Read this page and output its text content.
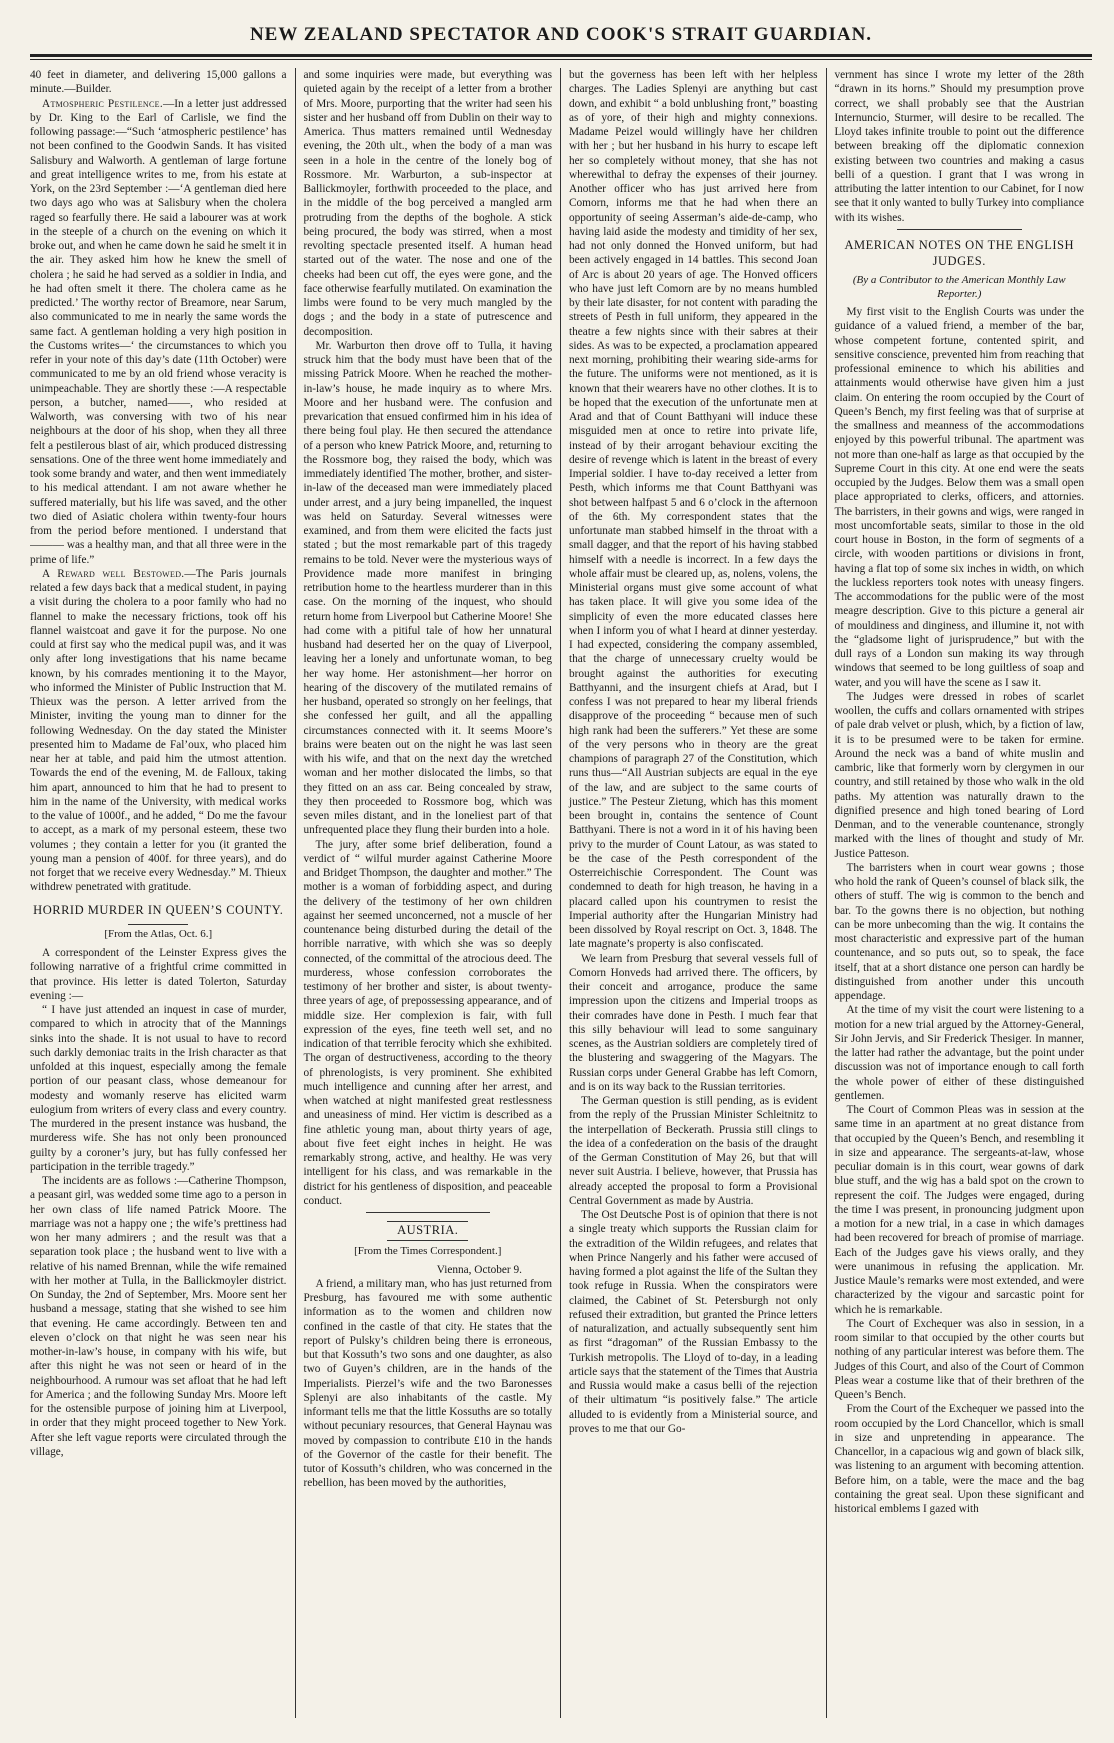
NEW ZEALAND SPECTATOR AND COOK'S STRAIT GUARDIAN.

40 feet in diameter, and delivering 15,000 gallons a minute.—Builder.

Atmospheric Pestilence.—In a letter just addressed by Dr. King to the Earl of Carlisle, we find the following passage:—“Such ‘atmospheric pestilence’ has not been confined to the Goodwin Sands. It has visited Salisbury and Walworth. A gentleman of large fortune and great intelligence writes to me, from his estate at York, on the 23rd September :—‘A gentleman died here two days ago who was at Salisbury when the cholera raged so fearfully there. He said a labourer was at work in the steeple of a church on the evening on which it broke out, and when he came down he said he smelt it in the air. They asked him how he knew the smell of cholera ; he said he had served as a soldier in India, and he had often smelt it there. The cholera came as he predicted.’ The worthy rector of Breamore, near Sarum, also communicated to me in nearly the same words the same fact. A gentleman holding a very high position in the Customs writes—‘ the circumstances to which you refer in your note of this day’s date (11th October) were communicated to me by an old friend whose veracity is unimpeachable. They are shortly these :—A respectable person, a butcher, named——, who resided at Walworth, was conversing with two of his near neighbours at the door of his shop, when they all three felt a pestilerous blast of air, which produced distressing sensations. One of the three went home immediately and took some brandy and water, and then went immediately to his medical attendant. I am not aware whether he suffered materially, but his life was saved, and the other two died of Asiatic cholera within twenty-four hours from the period before mentioned. I understand that ——— was a healthy man, and that all three were in the prime of life.”

A Reward well Bestowed.—The Paris journals related a few days back that a medical student, in paying a visit during the cholera to a poor family who had no flannel to make the necessary frictions, took off his flannel waistcoat and gave it for the purpose. No one could at first say who the medical pupil was, and it was only after long investigations that his name became known, by his comrades mentioning it to the Mayor, who informed the Minister of Public Instruction that M. Thieux was the person. A letter arrived from the Minister, inviting the young man to dinner for the following Wednesday. On the day stated the Minister presented him to Madame de Fal’oux, who placed him near her at table, and paid him the utmost attention. Towards the end of the evening, M. de Falloux, taking him apart, announced to him that he had to present to him in the name of the University, with medical works to the value of 1000f., and he added, “ Do me the favour to accept, as a mark of my personal esteem, these two volumes ; they contain a letter for you (it granted the young man a pension of 400f. for three years), and do not forget that we receive every Wednesday.” M. Thieux withdrew penetrated with gratitude.

HORRID MURDER IN QUEEN’S COUNTY.

[From the Atlas, Oct. 6.]

A correspondent of the Leinster Express gives the following narrative of a frightful crime committed in that province. His letter is dated Tolerton, Saturday evening :—

“ I have just attended an inquest in case of murder, compared to which in atrocity that of the Mannings sinks into the shade. It is not usual to have to record such darkly demoniac traits in the Irish character as that unfolded at this inquest, especially among the female portion of our peasant class, whose demeanour for modesty and womanly reserve has elicited warm eulogium from writers of every class and every country. The murdered in the present instance was husband, the murderess wife. She has not only been pronounced guilty by a coroner’s jury, but has fully confessed her participation in the terrible tragedy.”

The incidents are as follows :—Catherine Thompson, a peasant girl, was wedded some time ago to a person in her own class of life named Patrick Moore. The marriage was not a happy one ; the wife’s prettiness had won her many admirers ; and the result was that a separation took place ; the husband went to live with a relative of his named Brennan, while the wife remained with her mother at Tulla, in the Ballickmoyler district. On Sunday, the 2nd of September, Mrs. Moore sent her husband a message, stating that she wished to see him that evening. He came accordingly. Between ten and eleven o’clock on that night he was seen near his mother-in-law’s house, in company with his wife, but after this night he was not seen or heard of in the neighbourhood. A rumour was set afloat that he had left for America ; and the following Sunday Mrs. Moore left for the ostensible purpose of joining him at Liverpool, in order that they might proceed together to New York. After she left vague reports were circulated through the village,

and some inquiries were made, but everything was quieted again by the receipt of a letter from a brother of Mrs. Moore, purporting that the writer had seen his sister and her husband off from Dublin on their way to America. Thus matters remained until Wednesday evening, the 20th ult., when the body of a man was seen in a hole in the centre of the lonely bog of Rossmore. Mr. Warburton, a sub-inspector at Ballickmoyler, forthwith proceeded to the place, and in the middle of the bog perceived a mangled arm protruding from the depths of the boghole. A stick being procured, the body was stirred, when a most revolting spectacle presented itself. A human head started out of the water. The nose and one of the cheeks had been cut off, the eyes were gone, and the face otherwise fearfully mutilated. On examination the limbs were found to be very much mangled by the dogs ; and the body in a state of putrescence and decomposition.

Mr. Warburton then drove off to Tulla, it having struck him that the body must have been that of the missing Patrick Moore. When he reached the mother-in-law’s house, he made inquiry as to where Mrs. Moore and her husband were. The confusion and prevarication that ensued confirmed him in his idea of there being foul play. He then secured the attendance of a person who knew Patrick Moore, and, returning to the Rossmore bog, they raised the body, which was immediately identified The mother, brother, and sister-in-law of the deceased man were immediately placed under arrest, and a jury being impanelled, the inquest was held on Saturday. Several witnesses were examined, and from them were elicited the facts just stated ; but the most remarkable part of this tragedy remains to be told. Never were the mysterious ways of Providence made more manifest in bringing retribution home to the heartless murderer than in this case. On the morning of the inquest, who should return home from Liverpool but Catherine Moore! She had come with a pitiful tale of how her unnatural husband had deserted her on the quay of Liverpool, leaving her a lonely and unfortunate woman, to beg her way home. Her astonishment—her horror on hearing of the discovery of the mutilated remains of her husband, operated so strongly on her feelings, that she confessed her guilt, and all the appalling circumstances connected with it. It seems Moore’s brains were beaten out on the night he was last seen with his wife, and that on the next day the wretched woman and her mother dislocated the limbs, so that they fitted on an ass car. Being concealed by straw, they then proceeded to Rossmore bog, which was seven miles distant, and in the loneliest part of that unfrequented place they flung their burden into a hole.

The jury, after some brief deliberation, found a verdict of “ wilful murder against Catherine Moore and Bridget Thompson, the daughter and mother.” The mother is a woman of forbidding aspect, and during the delivery of the testimony of her own children against her seemed unconcerned, not a muscle of her countenance being disturbed during the detail of the horrible narrative, with which she was so deeply connected, of the committal of the atrocious deed. The murderess, whose confession corroborates the testimony of her brother and sister, is about twenty-three years of age, of prepossessing appearance, and of middle size. Her complexion is fair, with full expression of the eyes, fine teeth well set, and no indication of that terrible ferocity which she exhibited. The organ of destructiveness, according to the theory of phrenologists, is very prominent. She exhibited much intelligence and cunning after her arrest, and when watched at night manifested great restlessness and uneasiness of mind. Her victim is described as a fine athletic young man, about thirty years of age, about five feet eight inches in height. He was remarkably strong, active, and healthy. He was very intelligent for his class, and was remarkable in the district for his gentleness of disposition, and peaceable conduct.

AUSTRIA.

[From the Times Correspondent.]

Vienna, October 9.

A friend, a military man, who has just returned from Presburg, has favoured me with some authentic information as to the women and children now confined in the castle of that city. He states that the report of Pulsky’s children being there is erroneous, but that Kossuth’s two sons and one daughter, as also two of Guyen’s children, are in the hands of the Imperialists. Pierzel’s wife and the two Baronesses Splenyi are also inhabitants of the castle. My informant tells me that the little Kossuths are so totally without pecuniary resources, that General Haynau was moved by compassion to contribute £10 in the hands of the Governor of the castle for their benefit. The tutor of Kossuth’s children, who was concerned in the rebellion, has been moved by the authorities,

but the governess has been left with her helpless charges. The Ladies Splenyi are anything but cast down, and exhibit “ a bold unblushing front,” boasting as of yore, of their high and mighty connexions. Madame Peizel would willingly have her children with her ; but her husband in his hurry to escape left her so completely without money, that she has not wherewithal to defray the expenses of their journey. Another officer who has just arrived here from Comorn, informs me that he had when there an opportunity of seeing Asserman’s aide-de-camp, who having laid aside the modesty and timidity of her sex, had not only donned the Honved uniform, but had been actively engaged in 14 battles. This second Joan of Arc is about 20 years of age. The Honved officers who have just left Comorn are by no means humbled by their late disaster, for not content with parading the streets of Pesth in full uniform, they appeared in the theatre a few nights since with their sabres at their sides. As was to be expected, a proclamation appeared next morning, prohibiting their wearing side-arms for the future. The uniforms were not mentioned, as it is known that their wearers have no other clothes. It is to be hoped that the execution of the unfortunate men at Arad and that of Count Batthyani will induce these misguided men at once to retire into private life, instead of by their arrogant behaviour exciting the desire of revenge which is latent in the breast of every Imperial soldier. I have to-day received a letter from Pesth, which informs me that Count Batthyani was shot between halfpast 5 and 6 o’clock in the afternoon of the 6th. My correspondent states that the unfortunate man stabbed himself in the throat with a small dagger, and that the report of his having stabbed himself with a needle is incorrect. In a few days the whole affair must be cleared up, as, nolens, volens, the Ministerial organs must give some account of what has taken place. It will give you some idea of the simplicity of even the more educated classes here when I inform you of what I heard at dinner yesterday. I had expected, considering the company assembled, that the charge of unnecessary cruelty would be brought against the authorities for executing Batthyanni, and the insurgent chiefs at Arad, but I confess I was not prepared to hear my liberal friends disapprove of the proceeding “ because men of such high rank had been the sufferers.” Yet these are some of the very persons who in theory are the great champions of paragraph 27 of the Constitution, which runs thus—“All Austrian subjects are equal in the eye of the law, and are subject to the same courts of justice.” The Pesteur Zietung, which has this moment been brought in, contains the sentence of Count Batthyani. There is not a word in it of his having been privy to the murder of Count Latour, as was stated to be the case of the Pesth correspondent of the Osterreichischie Correspondent. The Count was condemned to death for high treason, he having in a placard called upon his countrymen to resist the Imperial authority after the Hungarian Ministry had been dissolved by Royal rescript on Oct. 3, 1848. The late magnate’s property is also confiscated.

We learn from Presburg that several vessels full of Comorn Honveds had arrived there. The officers, by their conceit and arrogance, produce the same impression upon the citizens and Imperial troops as their comrades have done in Pesth. I much fear that this silly behaviour will lead to some sanguinary scenes, as the Austrian soldiers are completely tired of the blustering and swaggering of the Magyars. The Russian corps under General Grabbe has left Comorn, and is on its way back to the Russian territories.

The German question is still pending, as is evident from the reply of the Prussian Minister Schleitnitz to the interpellation of Beckerath. Prussia still clings to the idea of a confederation on the basis of the draught of the German Constitution of May 26, but that will never suit Austria. I believe, however, that Prussia has already accepted the proposal to form a Provisional Central Government as made by Austria.

The Ost Deutsche Post is of opinion that there is not a single treaty which supports the Russian claim for the extradition of the Wildin refugees, and relates that when Prince Nangerly and his father were accused of having formed a plot against the life of the Sultan they took refuge in Russia. When the conspirators were claimed, the Cabinet of St. Petersburgh not only refused their extradition, but granted the Prince letters of naturalization, and actually subsequently sent him as first “dragoman” of the Russian Embassy to the Turkish metropolis. The Lloyd of to-day, in a leading article says that the statement of the Times that Austria and Russia would make a casus belli of the rejection of their ultimatum “is positively false.” The article alluded to is evidently from a Ministerial source, and proves to me that our Go-

vernment has since I wrote my letter of the 28th “drawn in its horns.” Should my presumption prove correct, we shall probably see that the Austrian Internuncio, Sturmer, will desire to be recalled. The Lloyd takes infinite trouble to point out the difference between breaking off the diplomatic connexion existing between two countries and making a casus belli of a question. I grant that I was wrong in attributing the latter intention to our Cabinet, for I now see that it only wanted to bully Turkey into compliance with its wishes.

AMERICAN NOTES ON THE ENGLISH JUDGES.

(By a Contributor to the American Monthly Law Reporter.)

My first visit to the English Courts was under the guidance of a valued friend, a member of the bar, whose competent fortune, contented spirit, and sensitive conscience, prevented him from reaching that professional eminence to which his abilities and attainments would otherwise have given him a just claim. On entering the room occupied by the Court of Queen’s Bench, my first feeling was that of surprise at the smallness and meanness of the accommodations enjoyed by this powerful tribunal. The apartment was not more than one-half as large as that occupied by the Supreme Court in this city. At one end were the seats occupied by the Judges. Below them was a small open place appropriated to clerks, officers, and attornies. The barristers, in their gowns and wigs, were ranged in most uncomfortable seats, similar to those in the old court house in Boston, in the form of segments of a circle, with wooden partitions or divisions in front, having a flat top of some six inches in width, on which the luckless reporters took notes with uneasy fingers. The accommodations for the public were of the most meagre description. Give to this picture a general air of mouldiness and dinginess, and illumine it, not with the “gladsome light of jurisprudence,” but with the dull rays of a London sun making its way through windows that seemed to be long guiltless of soap and water, and you will have the scene as I saw it.

The Judges were dressed in robes of scarlet woollen, the cuffs and collars ornamented with stripes of pale drab velvet or plush, which, by a fiction of law, it is to be presumed were to be taken for ermine. Around the neck was a band of white muslin and cambric, like that formerly worn by clergymen in our country, and still retained by those who walk in the old paths. My attention was naturally drawn to the dignified presence and high toned bearing of Lord Denman, and to the venerable countenance, strongly marked with the lines of thought and study of Mr. Justice Patteson.

The barristers when in court wear gowns ; those who hold the rank of Queen’s counsel of black silk, the others of stuff. The wig is common to the bench and bar. To the gowns there is no objection, but nothing can be more unbecoming than the wig. It contains the most characteristic and expressive part of the human countenance, and so puts out, so to speak, the face itself, that at a short distance one person can hardly be distinguished from another under this uncouth appendage.

At the time of my visit the court were listening to a motion for a new trial argued by the Attorney-General, Sir John Jervis, and Sir Frederick Thesiger. In manner, the latter had rather the advantage, but the point under discussion was not of importance enough to call forth the whole power of either of these distinguished gentlemen.

The Court of Common Pleas was in session at the same time in an apartment at no great distance from that occupied by the Queen’s Bench, and resembling it in size and appearance. The sergeants-at-law, whose peculiar domain is in this court, wear gowns of dark blue stuff, and the wig has a bald spot on the crown to represent the coif. The Judges were engaged, during the time I was present, in pronouncing judgment upon a motion for a new trial, in a case in which damages had been recovered for breach of promise of marriage. Each of the Judges gave his views orally, and they were unanimous in refusing the application. Mr. Justice Maule’s remarks were most extended, and were characterized by the vigour and sarcastic point for which he is remarkable.

The Court of Exchequer was also in session, in a room similar to that occupied by the other courts but nothing of any particular interest was before them. The Judges of this Court, and also of the Court of Common Pleas wear a costume like that of their brethren of the Queen’s Bench.

From the Court of the Exchequer we passed into the room occupied by the Lord Chancellor, which is small in size and unpretending in appearance. The Chancellor, in a capacious wig and gown of black silk, was listening to an argument with becoming attention. Before him, on a table, were the mace and the bag containing the great seal. Upon these significant and historical emblems I gazed with
